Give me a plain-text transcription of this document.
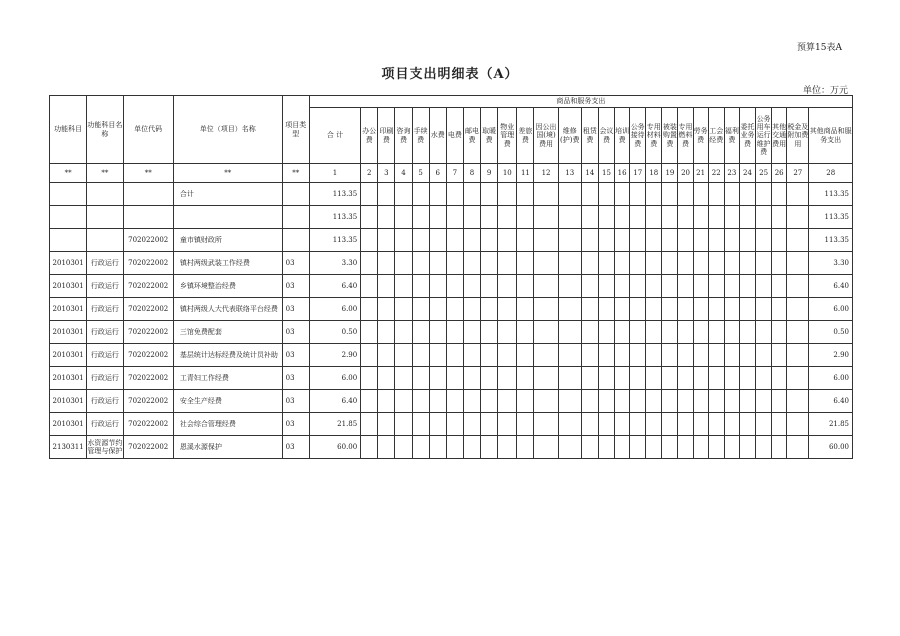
预算15表A
项目支出明细表（A）
单位：万元
功能科目	功能科目名称	单位代码	单位（项目）名称	项目类型	商品和服务支出																											
					合 计	办公费	印刷费	咨询费	手续费	水费	电费	邮电费	取暖费	物业管理费	差旅费	因公出国(境)费用	维修(护)费	租赁费	会议费	培训费	公务接待费	专用材料费	被装购置费	专用燃料费	劳务费	工会经费	福利费	委托业务费	公务用车运行维护费	其他交通费用	税金及附加费用	其他商品和服务支出
**	**	**	**	**	1	2	3	4	5	6	7	8	9	10	11	12	13	14	15	16	17	18	19	20	21	22	23	24	25	26	27	28
			合计		113.35																											113.35
					113.35																											113.35
		702022002	童市镇财政所		113.35																											113.35
2010301	行政运行	702022002	镇村两级武装工作经费	03	3.30																											3.30
2010301	行政运行	702022002	乡镇环境整治经费	03	6.40																											6.40
2010301	行政运行	702022002	镇村两级人大代表联络平台经费	03	6.00																											6.00
2010301	行政运行	702022002	三馆免费配套	03	0.50																											0.50
2010301	行政运行	702022002	基层统计达标经费及统计员补助	03	2.90																											2.90
2010301	行政运行	702022002	工青妇工作经费	03	6.00																											6.00
2010301	行政运行	702022002	安全生产经费	03	6.40																											6.40
2010301	行政运行	702022002	社会综合管理经费	03	21.85																											21.85
2130311	水资源节约管理与保护	702022002	恩溪水源保护	03	60.00																											60.00
